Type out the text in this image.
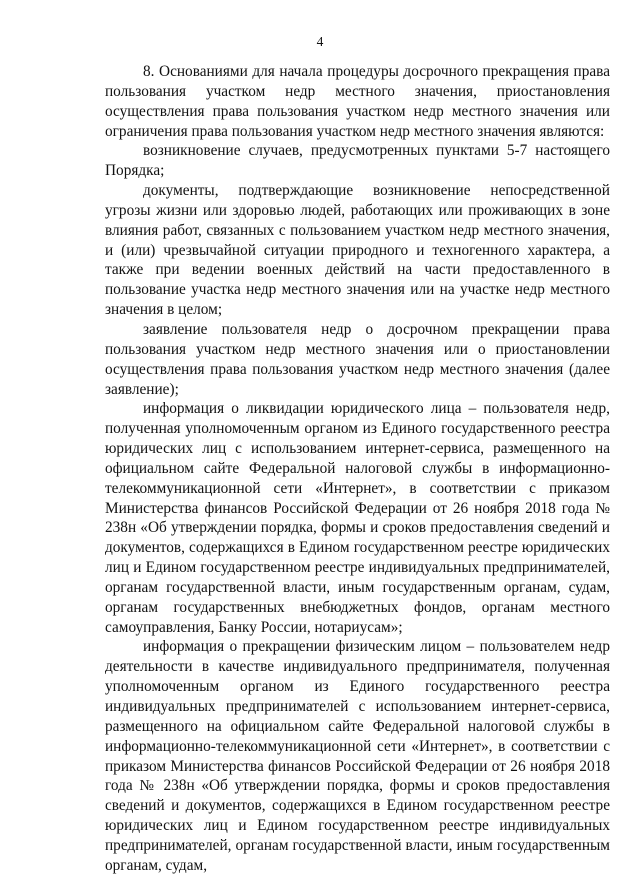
4

8. Основаниями для начала процедуры досрочного прекращения права пользования участком недр местного значения, приостановления осуществления права пользования участком недр местного значения или ограничения права пользования участком недр местного значения являются:

возникновение случаев, предусмотренных пунктами 5-7 настоящего Порядка;

документы, подтверждающие возникновение непосредственной угрозы жизни или здоровью людей, работающих или проживающих в зоне влияния работ, связанных с пользованием участком недр местного значения, и (или) чрезвычайной ситуации природного и техногенного характера, а также при ведении военных действий на части предоставленного в пользование участка недр местного значения или на участке недр местного значения в целом;

заявление пользователя недр о досрочном прекращении права пользования участком недр местного значения или о приостановлении осуществления права пользования участком недр местного значения (далее заявление);

информация о ликвидации юридического лица – пользователя недр, полученная уполномоченным органом из Единого государственного реестра юридических лиц с использованием интернет-сервиса, размещенного на официальном сайте Федеральной налоговой службы в информационно-телекоммуникационной сети «Интернет», в соответствии с приказом Министерства финансов Российской Федерации от 26 ноября 2018 года № 238н «Об утверждении порядка, формы и сроков предоставления сведений и документов, содержащихся в Едином государственном реестре юридических лиц и Едином государственном реестре индивидуальных предпринимателей, органам государственной власти, иным государственным органам, судам, органам государственных внебюджетных фондов, органам местного самоуправления, Банку России, нотариусам»;

информация о прекращении физическим лицом – пользователем недр деятельности в качестве индивидуального предпринимателя, полученная уполномоченным органом из Единого государственного реестра индивидуальных предпринимателей с использованием интернет-сервиса, размещенного на официальном сайте Федеральной налоговой службы в информационно-телекоммуникационной сети «Интернет», в соответствии с приказом Министерства финансов Российской Федерации от 26 ноября 2018 года № 238н «Об утверждении порядка, формы и сроков предоставления сведений и документов, содержащихся в Едином государственном реестре юридических лиц и Едином государственном реестре индивидуальных предпринимателей, органам государственной власти, иным государственным органам, судам,
